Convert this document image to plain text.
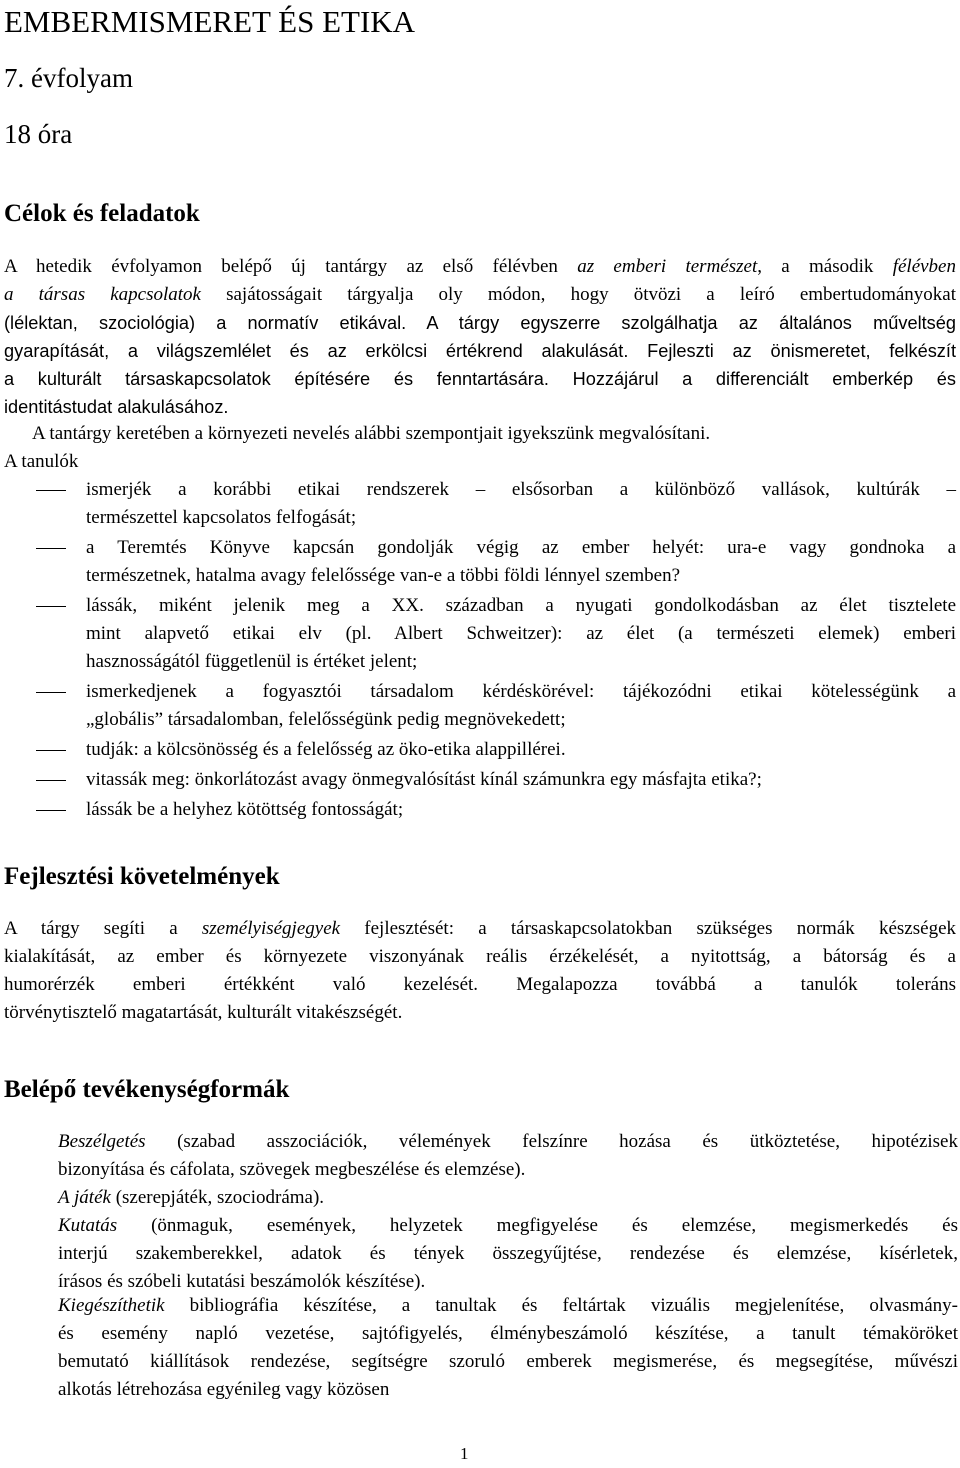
EMBERMISMERET ÉS ETIKA
7. évfolyam
18 óra
Célok és feladatok
A hetedik évfolyamon belépő új tantárgy az első félévben az emberi természet, a második félévben
a társas kapcsolatok sajátosságait tárgyalja oly módon, hogy ötvözi a leíró embertudományokat
(lélektan, szociológia) a normatív etikával. A tárgy egyszerre szolgálhatja az általános műveltség
gyarapítását, a világszemlélet és az erkölcsi értékrend alakulását. Fejleszti az önismeretet, felkészít
a kulturált társaskapcsolatok építésére és fenntartására. Hozzájárul a differenciált emberkép és
identitástudat alakulásához.
A tantárgy keretében a környezeti nevelés alábbi szempontjait igyekszünk megvalósítani.
A tanulók
ismerjék a korábbi etikai rendszerek – elsősorban a különböző vallások, kultúrák –
természettel kapcsolatos felfogását;
a Teremtés Könyve kapcsán gondolják végig az ember helyét: ura-e vagy gondnoka a
természetnek, hatalma avagy felelőssége van-e a többi földi lénnyel szemben?
lássák, miként jelenik meg a XX. században a nyugati gondolkodásban az élet tisztelete
mint alapvető etikai elv (pl. Albert Schweitzer): az élet (a természeti elemek) emberi
hasznosságától függetlenül is értéket jelent;
ismerkedjenek a fogyasztói társadalom kérdéskörével: tájékozódni etikai kötelességünk a
„globális” társadalomban, felelősségünk pedig megnövekedett;
tudják: a kölcsönösség és a felelősség az öko-etika alappillérei.
vitassák meg: önkorlátozást avagy önmegvalósítást kínál számunkra egy másfajta etika?;
lássák be a helyhez kötöttség fontosságát;
Fejlesztési követelmények
A tárgy segíti a személyiségjegyek fejlesztését: a társaskapcsolatokban szükséges normák készségek
kialakítását, az ember és környezete viszonyának reális érzékelését, a nyitottság, a bátorság és a
humorérzék emberi értékként való kezelését. Megalapozza továbbá a tanulók toleráns
törvénytisztelő magatartását, kulturált vitakészségét.
Belépő tevékenységformák
Beszélgetés (szabad asszociációk, vélemények felszínre hozása és ütköztetése, hipotézisek
bizonyítása és cáfolata, szövegek megbeszélése és elemzése).
A játék (szerepjáték, szociodráma).
Kutatás (önmaguk, események, helyzetek megfigyelése és elemzése, megismerkedés és
interjú szakemberekkel, adatok és tények összegyűjtése, rendezése és elemzése, kísérletek,
írásos és szóbeli kutatási beszámolók készítése).
Kiegészíthetik bibliográfia készítése, a tanultak és feltártak vizuális megjelenítése, olvasmány-
és esemény napló vezetése, sajtófigyelés, élménybeszámoló készítése, a tanult témaköröket
bemutató kiállítások rendezése, segítségre szoruló emberek megismerése, és megsegítése, művészi
alkotás létrehozása egyénileg vagy közösen
1
